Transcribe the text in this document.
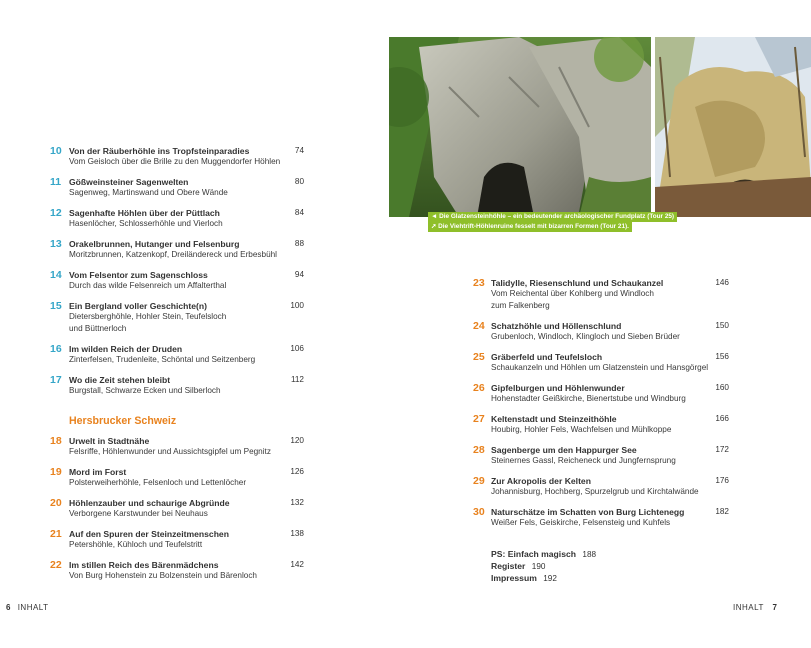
◄ Die Glatzensteinhöhle – ein bedeutender archäologischer Fundplatz (Tour 25)
➚ Die Viehtrift-Höhlenruine fesselt mit bizarren Formen (Tour 21).
10 Von der Räuberhöhle ins Tropfsteinparadies	74
Vom Geisloch über die Brille zu den Muggendorfer Höhlen
11 Gößweinsteiner Sagenwelten	80
Sagenweg, Martinswand und Obere Wände
12 Sagenhafte Höhlen über der Püttlach	84
Hasenlöcher, Schlosserhöhle und Vierloch
13 Orakelbrunnen, Hutanger und Felsenburg	88
Moritzbrunnen, Katzenkopf, Dreiländereck und Erbesbühl
14 Vom Felsentor zum Sagenschloss	94
Durch das wilde Felsenreich um Affalterthal
15 Ein Bergland voller Geschichte(n)	100
Dietersberghöhle, Hohler Stein, Teufelsloch
und Büttnerloch
16 Im wilden Reich der Druden	106
Zinterfelsen, Trudenleite, Schöntal und Seitzenberg
17 Wo die Zeit stehen bleibt	112
Burgstall, Schwarze Ecken und Silberloch
Hersbrucker Schweiz
18 Urwelt in Stadtnähe	120
Felsriffe, Höhlenwunder und Aussichtsgipfel um Pegnitz
19 Mord im Forst	126
Polsterweiherhöhle, Felsenloch und Lettenlöcher
20 Höhlenzauber und schaurige Abgründe	132
Verborgene Karstwunder bei Neuhaus
21 Auf den Spuren der Steinzeitmenschen	138
Petershöhle, Kühloch und Teufelstritt
22 Im stillen Reich des Bärenmädchens	142
Von Burg Hohenstein zu Bolzenstein und Bärenloch
23 Talidylle, Riesenschlund und Schaukanzel	146
Vom Reichental über Kohlberg und Windloch
zum Falkenberg
24 Schatzhöhle und Höllenschlund	150
Grubenloch, Windloch, Klingloch und Sieben Brüder
25 Gräberfeld und Teufelsloch	156
Schaukanzeln und Höhlen um Glatzenstein und Hansgörgel
26 Gipfelburgen und Höhlenwunder	160
Hohenstadter Geißkirche, Bienertstube und Windburg
27 Keltenstadt und Steinzeithöhle	166
Houbirg, Hohler Fels, Wachfelsen und Mühlkoppe
28 Sagenberge um den Happurger See	172
Steinernes Gassl, Reicheneck und Jungfernsprung
29 Zur Akropolis der Kelten	176
Johannisburg, Hochberg, Spurzelgrub und Kirchtalwände
30 Naturschätze im Schatten von Burg Lichtenegg	182
Weißer Fels, Geiskirche, Felsensteig und Kuhfels
PS: Einfach magisch 188
Register 190
Impressum 192
6 INHALT	INHALT 7
